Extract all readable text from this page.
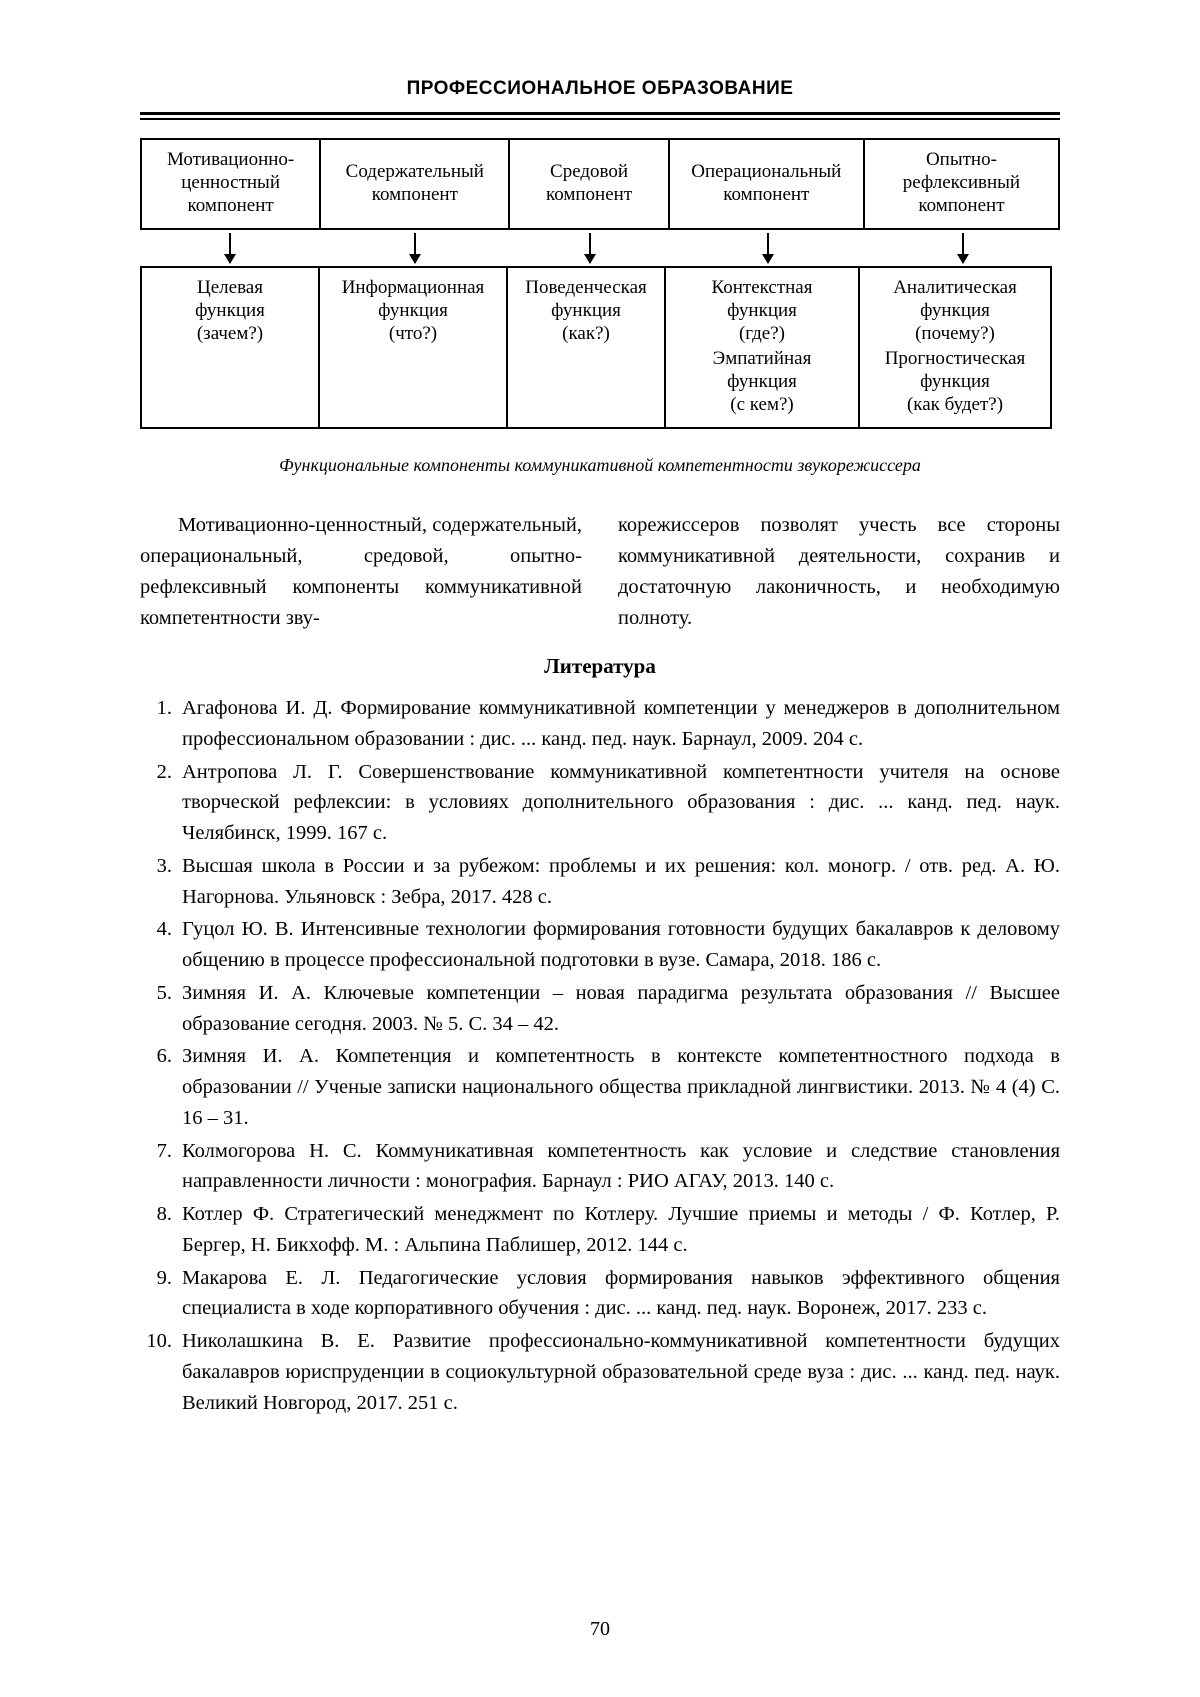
ПРОФЕССИОНАЛЬНОЕ ОБРАЗОВАНИЕ
Мотивационно-
ценностный
компонент
Содержательный
компонент
Средовой
компонент
Операциональный
компонент
Опытно-
рефлексивный
компонент
Целевая
функция
(зачем?)
Информационная
функция
(что?)
Поведенческая
функция
(как?)
Контекстная
функция
(где?)
Эмпатийная
функция
(с кем?)
Аналитическая
функция
(почему?)
Прогностическая
функция
(как будет?)
Функциональные компоненты коммуникативной компетентности звукорежиссера

Мотивационно-ценностный, содержательный, операциональный, средовой, опытно-рефлексивный компоненты коммуникативной компетентности зву-

корежиссеров позволят учесть все стороны коммуникативной деятельности, сохранив и достаточную лаконичность, и необходимую полноту.

Литература
1. Агафонова И. Д. Формирование коммуникативной компетенции у менеджеров в дополнительном профессиональном образовании : дис. ... канд. пед. наук. Барнаул, 2009. 204 с.
2. Антропова Л. Г. Совершенствование коммуникативной компетентности учителя на основе творческой рефлексии: в условиях дополнительного образования : дис. ... канд. пед. наук. Челябинск, 1999. 167 с.
3. Высшая школа в России и за рубежом: проблемы и их решения: кол. моногр. / отв. ред. А. Ю. Нагорнова. Ульяновск : Зебра, 2017. 428 с.
4. Гуцол Ю. В. Интенсивные технологии формирования готовности будущих бакалавров к деловому общению в процессе профессиональной подготовки в вузе. Самара, 2018. 186 с.
5. Зимняя И. А. Ключевые компетенции – новая парадигма результата образования // Высшее образование сегодня. 2003. № 5. С. 34 – 42.
6. Зимняя И. А. Компетенция и компетентность в контексте компетентностного подхода в образовании // Ученые записки национального общества прикладной лингвистики. 2013. № 4 (4) С. 16 – 31.
7. Колмогорова Н. С. Коммуникативная компетентность как условие и следствие становления направленности личности : монография. Барнаул : РИО АГАУ, 2013. 140 с.
8. Котлер Ф. Стратегический менеджмент по Котлеру. Лучшие приемы и методы / Ф. Котлер, Р. Бергер, Н. Бикхофф. М. : Альпина Паблишер, 2012. 144 с.
9. Макарова Е. Л. Педагогические условия формирования навыков эффективного общения специалиста в ходе корпоративного обучения : дис. ... канд. пед. наук. Воронеж, 2017. 233 с.
10. Николашкина В. Е. Развитие профессионально-коммуникативной компетентности будущих бакалавров юриспруденции в социокультурной образовательной среде вуза : дис. ... канд. пед. наук. Великий Новгород, 2017. 251 с.
70
